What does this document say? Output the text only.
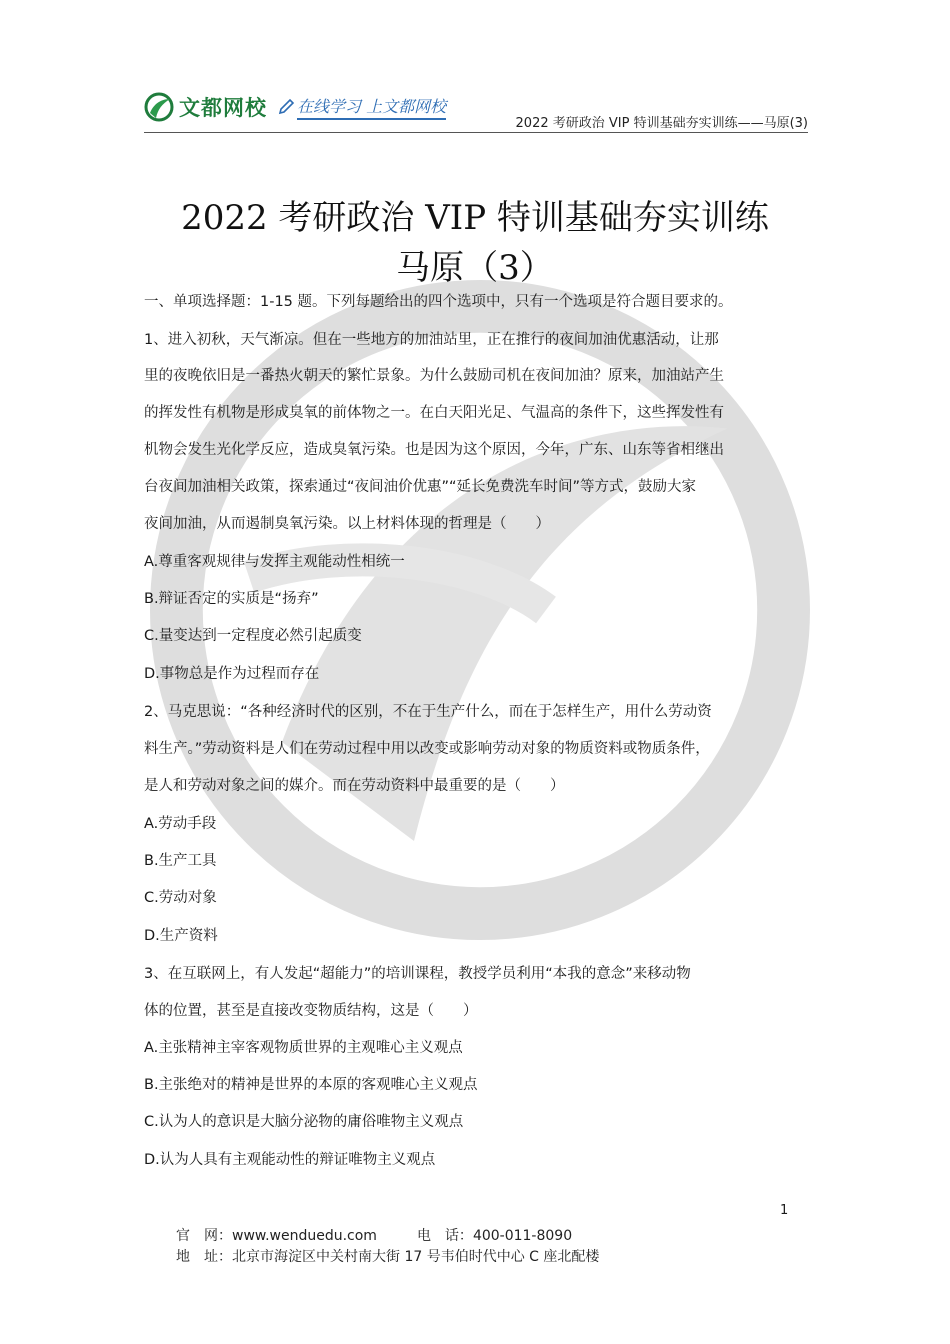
文都网校 在线学习 上文都网校
2022 考研政治 VIP 特训基础夯实训练——马原(3)
2022 考研政治 VIP 特训基础夯实训练
马原（3）
一、单项选择题：1-15 题。下列每题给出的四个选项中，只有一个选项是符合题目要求的。
1、进入初秋，天气渐凉。但在一些地方的加油站里，正在推行的夜间加油优惠活动，让那
里的夜晚依旧是一番热火朝天的繁忙景象。为什么鼓励司机在夜间加油？原来，加油站产生
的挥发性有机物是形成臭氧的前体物之一。在白天阳光足、气温高的条件下，这些挥发性有
机物会发生光化学反应，造成臭氧污染。也是因为这个原因，今年，广东、山东等省相继出
台夜间加油相关政策，探索通过“夜间油价优惠”“延长免费洗车时间”等方式，鼓励大家
夜间加油，从而遏制臭氧污染。以上材料体现的哲理是（　　）
A.尊重客观规律与发挥主观能动性相统一
B.辩证否定的实质是“扬弃”
C.量变达到一定程度必然引起质变
D.事物总是作为过程而存在
2、马克思说：“各种经济时代的区别，不在于生产什么，而在于怎样生产，用什么劳动资
料生产。”劳动资料是人们在劳动过程中用以改变或影响劳动对象的物质资料或物质条件，
是人和劳动对象之间的媒介。而在劳动资料中最重要的是（　　）
A.劳动手段
B.生产工具
C.劳动对象
D.生产资料
3、在互联网上，有人发起“超能力”的培训课程，教授学员利用“本我的意念”来移动物
体的位置，甚至是直接改变物质结构，这是（　　）
A.主张精神主宰客观物质世界的主观唯心主义观点
B.主张绝对的精神是世界的本原的客观唯心主义观点
C.认为人的意识是大脑分泌物的庸俗唯物主义观点
D.认为人具有主观能动性的辩证唯物主义观点
1
官　网：www.wenduedu.com	电　话：400-011-8090
地　址：北京市海淀区中关村南大街 17 号韦伯时代中心 C 座北配楼
